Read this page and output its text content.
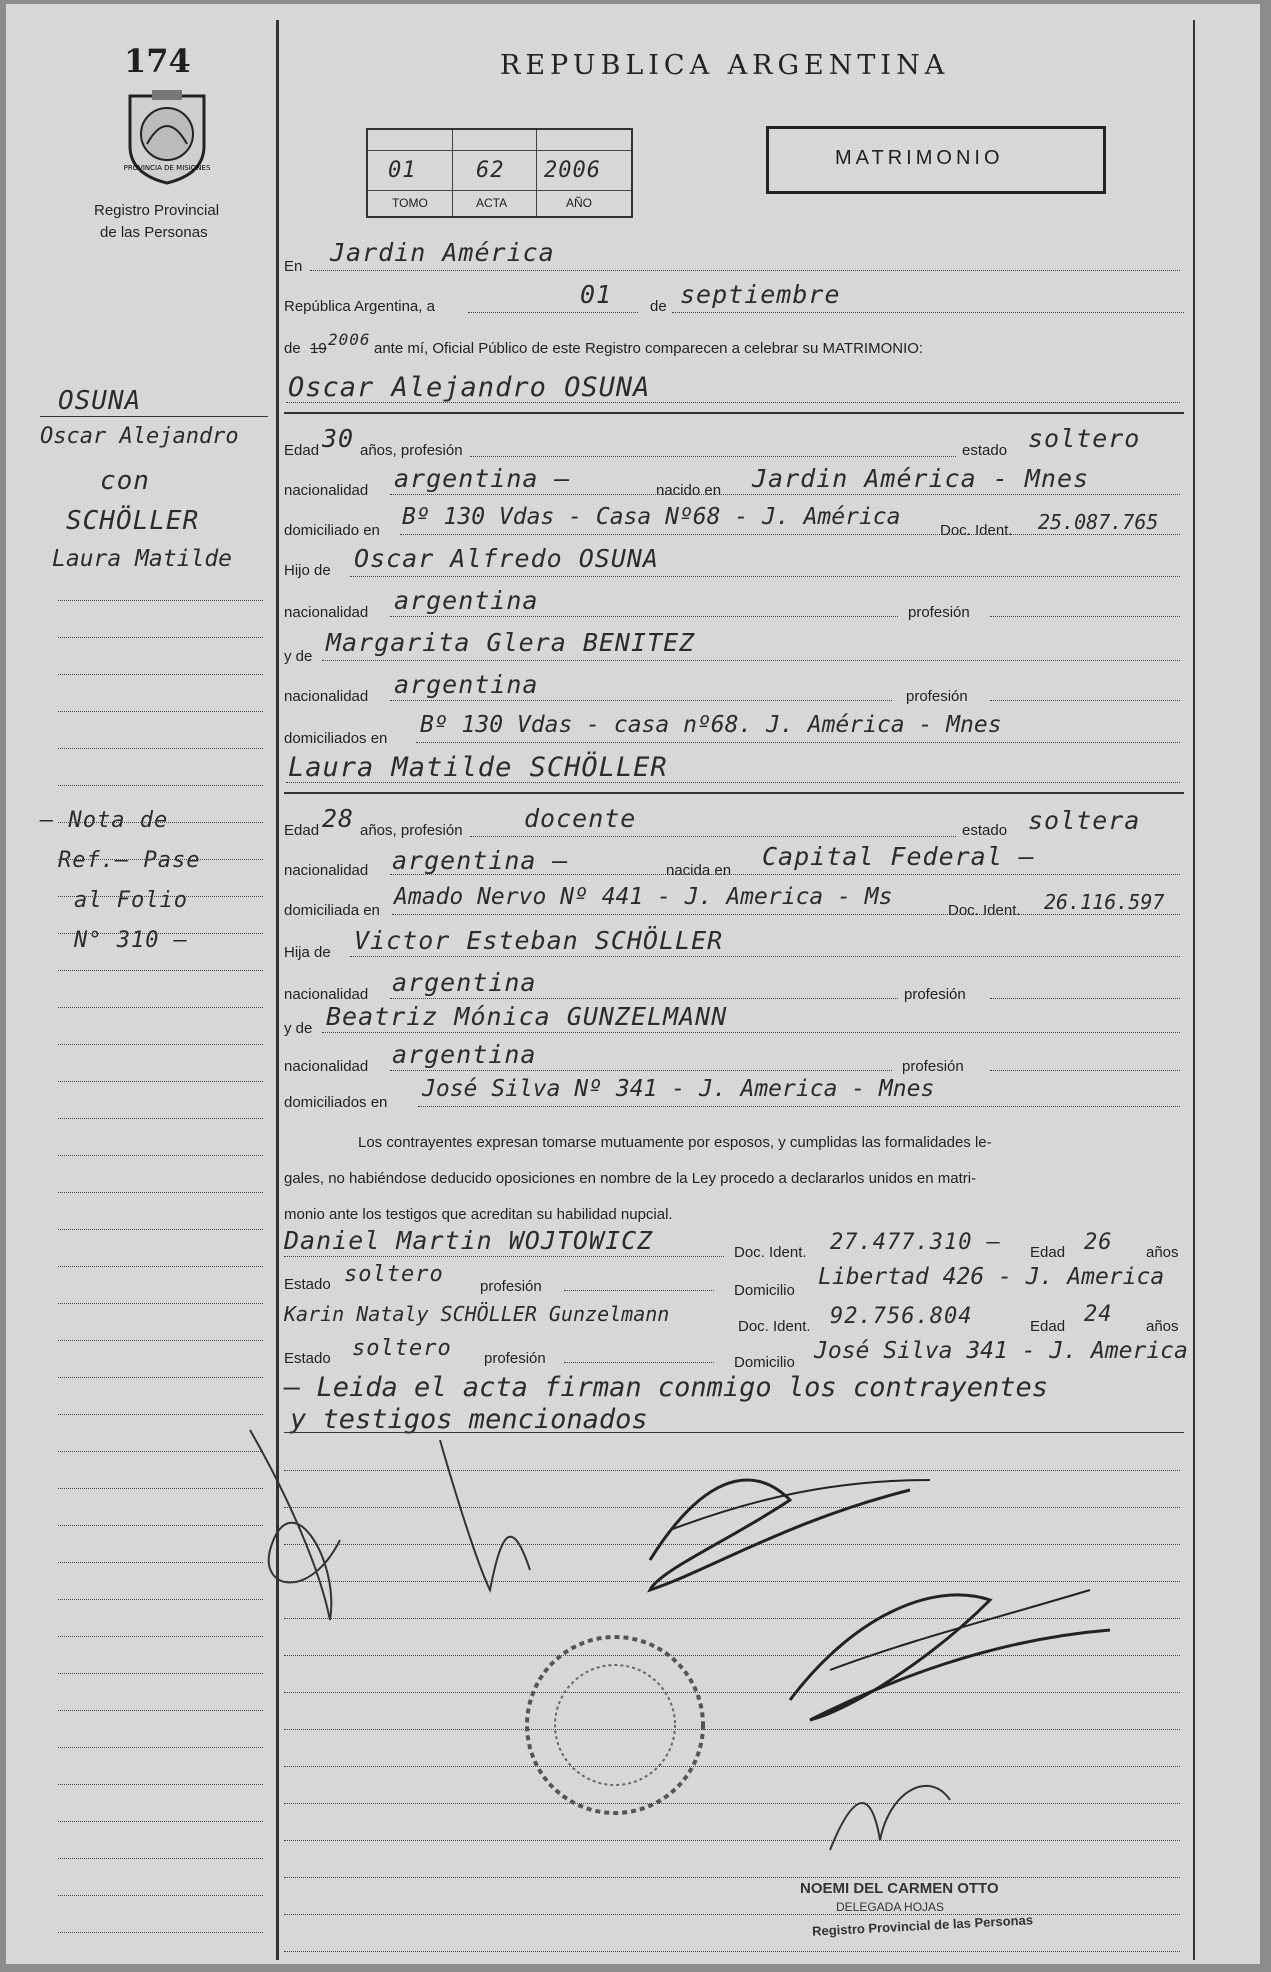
174
PROVINCIA DE MISIONES
Registro Provincial
de las Personas
REPUBLICA ARGENTINA
01	62 2006
TOMO	ACTA	AÑO
MATRIMONIO
En Jardin América
República Argentina, a	01	de septiembre
de 19 2006 ante mí, Oficial Público de este Registro comparecen a celebrar su MATRIMONIO:
Oscar Alejandro OSUNA
Edad 30 años, profesión	estado soltero
nacionalidad argentina –	nacido en Jardin América - Mnes
domiciliado en
Bº 130 Vdas - Casa Nº68 - J. América
Doc. Ident. 25.087.765
Hijo de Oscar Alfredo OSUNA
nacionalidad argentina	profesión
y de Margarita Glera BENITEZ
nacionalidad argentina	profesión
domiciliados en
Bº 130 Vdas - casa nº68. J. América - Mnes
Laura Matilde SCHÖLLER
Edad 28 años, profesión docente	estado soltera
nacionalidad argentina –	nacida en Capital Federal –
domiciliada en
Amado Nervo Nº 441 - J. America - Ms
Doc. Ident. 26.116.597
Hija de Victor Esteban SCHÖLLER
nacionalidad argentina	profesión
y de Beatriz Mónica GUNZELMANN
nacionalidad argentina	profesión
domiciliados en
José Silva Nº 341 - J. America - Mnes
Los contrayentes expresan tomarse mutuamente por esposos, y cumplidas las formalidades le-
gales, no habiéndose deducido oposiciones en nombre de la Ley procedo a declararlos unidos en matri-
monio ante los testigos que acreditan su habilidad nupcial.
Daniel Martin WOJTOWICZ	Doc. Ident. 27.477.310 – Edad 26 años
Estado soltero profesión	Domicilio
Libertad 426 - J. America
Karin Nataly SCHÖLLER Gunzelmann
Doc. Ident. 92.756.804	Edad 24 años
Estado soltero profesión	Domicilio José Silva 341 - J. America
– Leida el acta firman conmigo los contrayentes
y testigos mencionados
NOEMI DEL CARMEN OTTO
DELEGADA HOJAS
Registro Provincial de las Personas
OSUNA
Oscar Alejandro
con
SCHÖLLER
Laura Matilde
– Nota de
Ref.– Pase
al Folio
N° 310 –
